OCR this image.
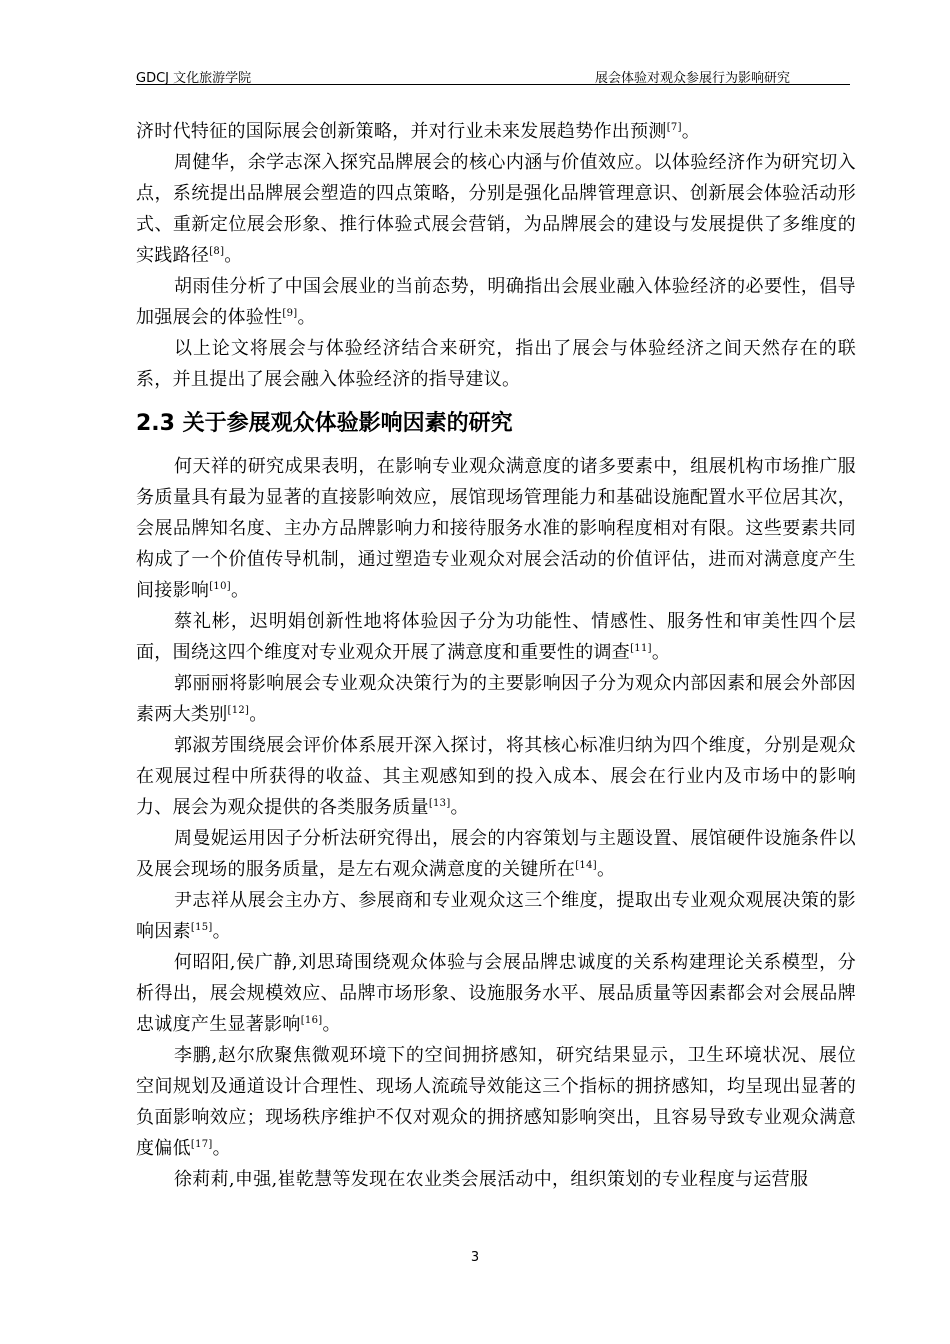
GDCJ 文化旅游学院	展会体验对观众参展行为影响研究

济时代特征的国际展会创新策略，并对行业未来发展趋势作出预测[7]。

周健华，余学志深入探究品牌展会的核心内涵与价值效应。以体验经济作为研究切入点，系统提出品牌展会塑造的四点策略，分别是强化品牌管理意识、创新展会体验活动形式、重新定位展会形象、推行体验式展会营销，为品牌展会的建设与发展提供了多维度的实践路径[8]。

胡雨佳分析了中国会展业的当前态势，明确指出会展业融入体验经济的必要性，倡导加强展会的体验性[9]。

以上论文将展会与体验经济结合来研究，指出了展会与体验经济之间天然存在的联系，并且提出了展会融入体验经济的指导建议。

2.3 关于参展观众体验影响因素的研究

何天祥的研究成果表明，在影响专业观众满意度的诸多要素中，组展机构市场推广服务质量具有最为显著的直接影响效应，展馆现场管理能力和基础设施配置水平位居其次，会展品牌知名度、主办方品牌影响力和接待服务水准的影响程度相对有限。这些要素共同构成了一个价值传导机制，通过塑造专业观众对展会活动的价值评估，进而对满意度产生间接影响[10]。

蔡礼彬，迟明娟创新性地将体验因子分为功能性、情感性、服务性和审美性四个层面，围绕这四个维度对专业观众开展了满意度和重要性的调查[11]。

郭丽丽将影响展会专业观众决策行为的主要影响因子分为观众内部因素和展会外部因素两大类别[12]。

郭淑芳围绕展会评价体系展开深入探讨，将其核心标准归纳为四个维度，分别是观众在观展过程中所获得的收益、其主观感知到的投入成本、展会在行业内及市场中的影响力、展会为观众提供的各类服务质量[13]。

周曼妮运用因子分析法研究得出，展会的内容策划与主题设置、展馆硬件设施条件以及展会现场的服务质量，是左右观众满意度的关键所在[14]。

尹志祥从展会主办方、参展商和专业观众这三个维度，提取出专业观众观展决策的影响因素[15]。

何昭阳,侯广静,刘思琦围绕观众体验与会展品牌忠诚度的关系构建理论关系模型，分析得出，展会规模效应、品牌市场形象、设施服务水平、展品质量等因素都会对会展品牌忠诚度产生显著影响[16]。

李鹏,赵尔欣聚焦微观环境下的空间拥挤感知，研究结果显示，卫生环境状况、展位空间规划及通道设计合理性、现场人流疏导效能这三个指标的拥挤感知，均呈现出显著的负面影响效应；现场秩序维护不仅对观众的拥挤感知影响突出，且容易导致专业观众满意度偏低[17]。

徐莉莉,申强,崔乾慧等发现在农业类会展活动中，组织策划的专业程度与运营服

3
